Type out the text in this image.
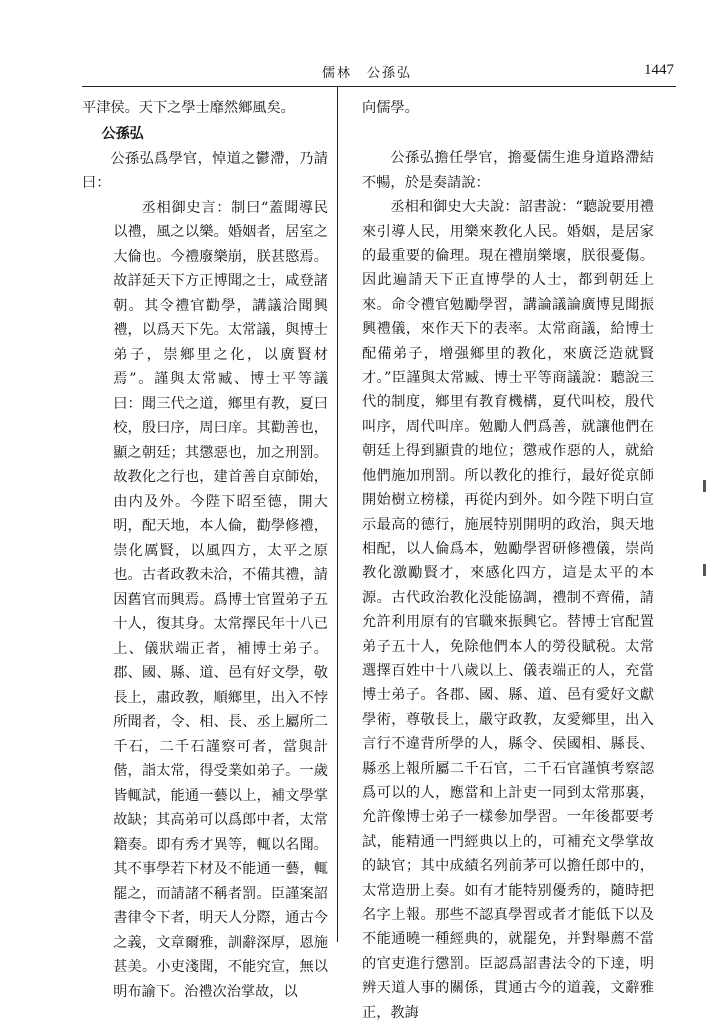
儒林　公孫弘	1447

平津侯。天下之學士靡然鄉風矣。

公孫弘

公孫弘爲學官，悼道之鬱滯，乃請曰：

丞相御史言：制曰“蓋聞導民以禮，風之以樂。婚姻者，居室之大倫也。今禮廢樂崩，朕甚愍焉。故詳延天下方正博聞之士，咸登諸朝。其令禮官勸學，講議洽聞興禮，以爲天下先。太常議，與博士弟子，崇鄉里之化，以廣賢材焉”。謹與太常臧、博士平等議曰：聞三代之道，鄉里有教，夏曰校，殷曰序，周曰庠。其勸善也，顯之朝廷；其懲惡也，加之刑罰。故教化之行也，建首善自京師始，由内及外。今陛下昭至德，開大明，配天地，本人倫，勸學修禮，崇化厲賢，以風四方，太平之原也。古者政教未洽，不備其禮，請因舊官而興焉。爲博士官置弟子五十人，復其身。太常擇民年十八已上、儀狀端正者，補博士弟子。郡、國、縣、道、邑有好文學，敬長上，肅政教，順鄉里，出入不悖所聞者，令、相、長、丞上屬所二千石，二千石謹察可者，當與計偕，詣太常，得受業如弟子。一歲皆輒試，能通一藝以上，補文學掌故缺；其高弟可以爲郎中者，太常籍奏。即有秀才異等，輒以名聞。其不事學若下材及不能通一藝，輒罷之，而請諸不稱者罰。臣謹案詔書律令下者，明天人分際，通古今之義，文章爾雅，訓辭深厚，恩施甚美。小吏淺聞，不能究宣，無以明布諭下。治禮次治掌故，以

向儒學。

公孫弘擔任學官，擔憂儒生進身道路滯結不暢，於是奏請說：

丞相和御史大夫說：詔書說：“聽說要用禮來引導人民，用樂來教化人民。婚姻，是居家的最重要的倫理。現在禮崩樂壞，朕很憂傷。因此遍請天下正直博學的人士，都到朝廷上來。命令禮官勉勵學習，講論議論廣博見聞振興禮儀，來作天下的表率。太常商議，給博士配備弟子，增强鄉里的教化，來廣泛造就賢才。”臣謹與太常臧、博士平等商議說：聽說三代的制度，鄉里有教育機構，夏代叫校，殷代叫序，周代叫庠。勉勵人們爲善，就讓他們在朝廷上得到顯貴的地位；懲戒作惡的人，就給他們施加刑罰。所以教化的推行，最好從京師開始樹立榜樣，再從内到外。如今陛下明白宣示最高的德行，施展特别開明的政治，與天地相配，以人倫爲本，勉勵學習研修禮儀，崇尚教化激勵賢才，來感化四方，這是太平的本源。古代政治教化没能協調，禮制不齊備，請允許利用原有的官職來振興它。替博士官配置弟子五十人，免除他們本人的勞役賦税。太常選擇百姓中十八歲以上、儀表端正的人，充當博士弟子。各郡、國、縣、道、邑有愛好文獻學術，尊敬長上，嚴守政教，友愛鄉里，出入言行不違背所學的人，縣令、侯國相、縣長、縣丞上報所屬二千石官，二千石官謹慎考察認爲可以的人，應當和上計吏一同到太常那裏，允許像博士弟子一樣參加學習。一年後都要考試，能精通一門經典以上的，可補充文學掌故的缺官；其中成績名列前茅可以擔任郎中的，太常造册上奏。如有才能特别優秀的，隨時把名字上報。那些不認真學習或者才能低下以及不能通曉一種經典的，就罷免，并對舉薦不當的官吏進行懲罰。臣認爲詔書法令的下達，明辨天道人事的關係，貫通古今的道義，文辭雅正，教誨
